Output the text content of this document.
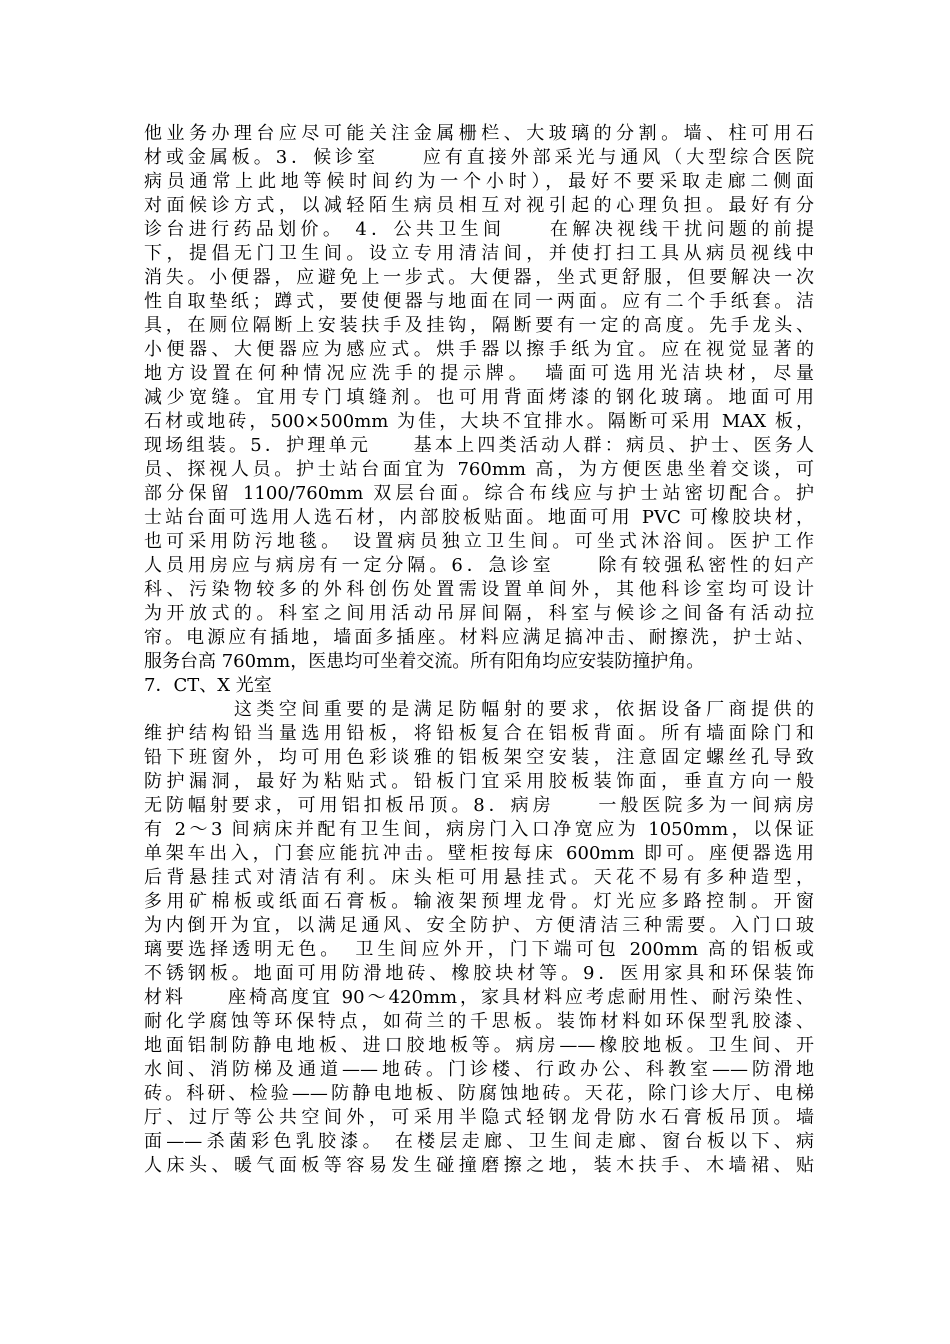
他业务办理台应尽可能关注金属栅栏、大玻璃的分割。墙、柱可用石
材或金属板。3．候诊室　　应有直接外部采光与通风（大型综合医院
病员通常上此地等候时间约为一个小时），最好不要采取走廊二侧面
对面候诊方式，以减轻陌生病员相互对视引起的心理负担。最好有分
诊台进行药品划价。 4．公共卫生间　　在解决视线干扰问题的前提
下，提倡无门卫生间。设立专用清洁间，并使打扫工具从病员视线中
消失。小便器，应避免上一步式。大便器，坐式更舒服，但要解决一次
性自取垫纸；蹲式，要使便器与地面在同一两面。应有二个手纸套。洁
具，在厕位隔断上安装扶手及挂钩，隔断要有一定的高度。先手龙头、
小便器、大便器应为感应式。烘手器以擦手纸为宜。应在视觉显著的
地方设置在何种情况应洗手的提示牌。　墙面可选用光洁块材，尽量
减少宽缝。宜用专门填缝剂。也可用背面烤漆的钢化玻璃。地面可用
石材或地砖，500×500mm 为佳，大块不宜排水。隔断可采用 MAX 板，
现场组装。5．护理单元　　基本上四类活动人群：病员、护士、医务人
员、探视人员。护士站台面宜为 760mm 高，为方便医患坐着交谈，可
部分保留 1100/760mm 双层台面。综合布线应与护士站密切配合。护
士站台面可选用人选石材，内部胶板贴面。地面可用 PVC 可橡胶块材，
也可采用防污地毯。 设置病员独立卫生间。可坐式沐浴间。医护工作
人员用房应与病房有一定分隔。6．急诊室　　除有较强私密性的妇产
科、污染物较多的外科创伤处置需设置单间外，其他科诊室均可设计
为开放式的。科室之间用活动吊屏间隔，科室与候诊之间备有活动拉
帘。电源应有插地，墙面多插座。材料应满足搞冲击、耐擦洗，护士站、
服务台高 760mm，医患均可坐着交流。所有阳角均应安装防撞护角。
7．CT、X 光室
　　　　这类空间重要的是满足防幅射的要求，依据设备厂商提供的
维护结构铅当量选用铅板，将铅板复合在铝板背面。所有墙面除门和
铅下班窗外，均可用色彩谈雅的铝板架空安装，注意固定螺丝孔导致
防护漏洞，最好为粘贴式。铅板门宜采用胶板装饰面，垂直方向一般
无防幅射要求，可用铝扣板吊顶。8．病房　　一般医院多为一间病房
有 2～3 间病床并配有卫生间，病房门入口净宽应为 1050mm，以保证
单架车出入，门套应能抗冲击。壁柜按每床 600mm 即可。座便器选用
后背悬挂式对清洁有利。床头柜可用悬挂式。天花不易有多种造型，
多用矿棉板或纸面石膏板。输液架预埋龙骨。灯光应多路控制。开窗
为内倒开为宜，以满足通风、安全防护、方便清洁三种需要。入门口玻
璃要选择透明无色。　卫生间应外开，门下端可包 200mm 高的铝板或
不锈钢板。地面可用防滑地砖、橡胶块材等。9．医用家具和环保装饰
材料　　座椅高度宜 90～420mm，家具材料应考虑耐用性、耐污染性、
耐化学腐蚀等环保特点，如荷兰的千思板。装饰材料如环保型乳胶漆、
地面铝制防静电地板、进口胶地板等。病房——橡胶地板。卫生间、开
水间、消防梯及通道——地砖。门诊楼、行政办公、科教室——防滑地
砖。科研、检验——防静电地板、防腐蚀地砖。天花，除门诊大厅、电梯
厅、过厅等公共空间外，可采用半隐式轻钢龙骨防水石膏板吊顶。墙
面——杀菌彩色乳胶漆。 在楼层走廊、卫生间走廊、窗台板以下、病
人床头、暖气面板等容易发生碰撞磨擦之地，装木扶手、木墙裙、贴
